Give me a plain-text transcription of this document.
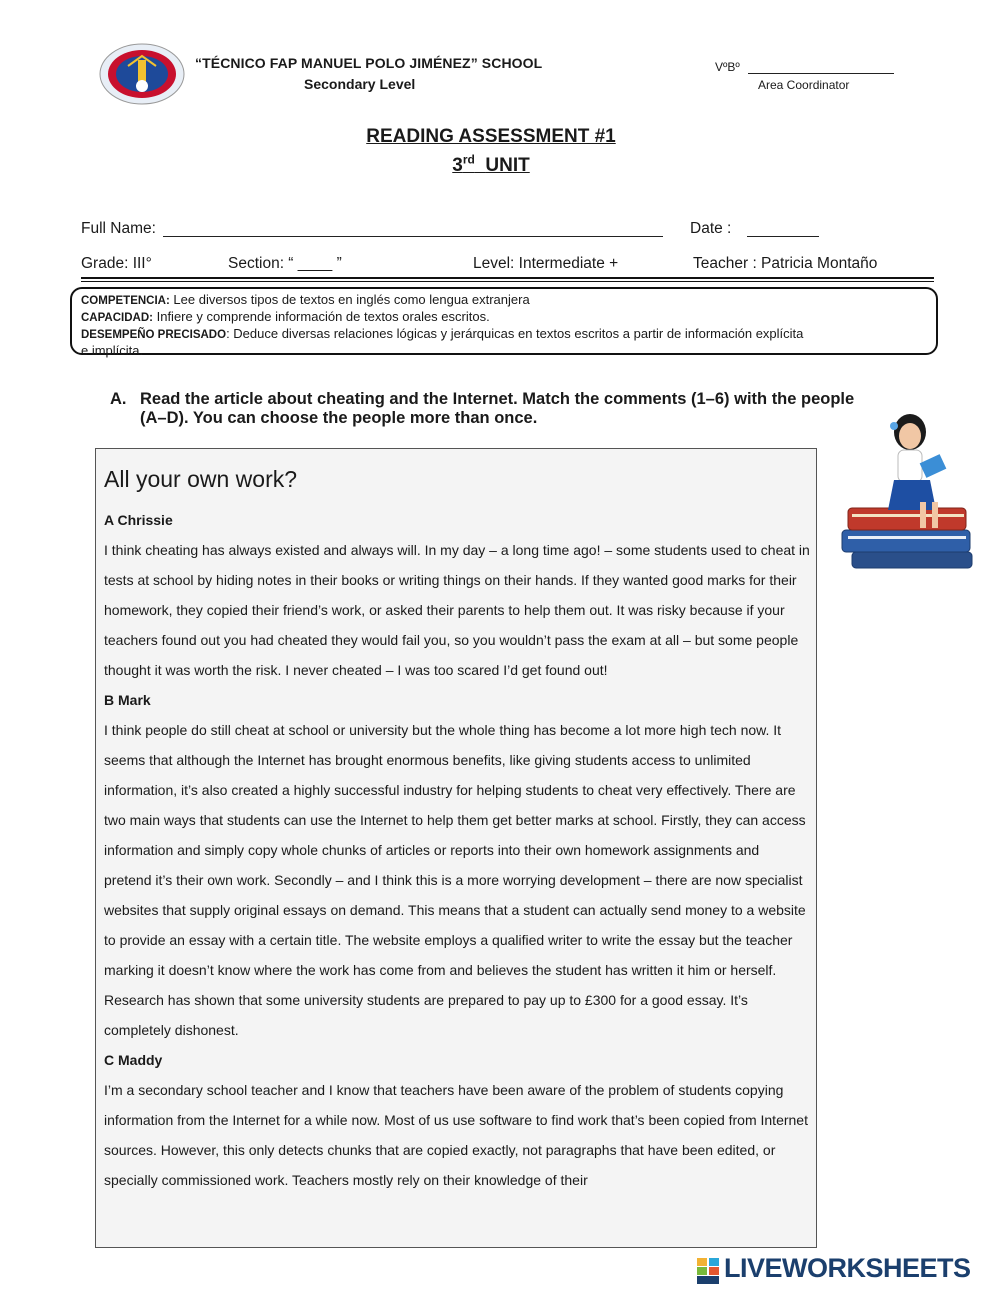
“TÉCNICO FAP MANUEL POLO JIMÉNEZ” SCHOOL
Secondary Level
VºBº
Area Coordinator
READING ASSESSMENT #1
3rd UNIT
Full Name:	Date :
Grade: III°	Section: “ ____ ”	Level: Intermediate +	Teacher : Patricia Montaño
COMPETENCIA: Lee diversos tipos de textos en inglés como lengua extranjera
CAPACIDAD: Infiere y comprende información de textos orales escritos.
DESEMPEÑO PRECISADO: Deduce diversas relaciones lógicas y jerárquicas en textos escritos a partir de información explícita
e implícita.
A. Read the article about cheating and the Internet. Match the comments (1–6) with the people (A–D). You can choose the people more than once.
All your own work?

A Chrissie

I think cheating has always existed and always will. In my day – a long time ago! – some students used to cheat in tests at school by hiding notes in their books or writing things on their hands. If they wanted good marks for their homework, they copied their friend’s work, or asked their parents to help them out. It was risky because if your teachers found out you had cheated they would fail you, so you wouldn’t pass the exam at all – but some people thought it was worth the risk. I never cheated – I was too scared I’d get found out!

B Mark

I think people do still cheat at school or university but the whole thing has become a lot more high tech now. It seems that although the Internet has brought enormous benefits, like giving students access to unlimited information, it’s also created a highly successful industry for helping students to cheat very effectively. There are two main ways that students can use the Internet to help them get better marks at school. Firstly, they can access information and simply copy whole chunks of articles or reports into their own homework assignments and pretend it’s their own work. Secondly – and I think this is a more worrying development – there are now specialist websites that supply original essays on demand. This means that a student can actually send money to a website to provide an essay with a certain title. The website employs a qualified writer to write the essay but the teacher marking it doesn’t know where the work has come from and believes the student has written it him or herself. Research has shown that some university students are prepared to pay up to £300 for a good essay. It’s completely dishonest.

C Maddy

I’m a secondary school teacher and I know that teachers have been aware of the problem of students copying information from the Internet for a while now. Most of us use software to find work that’s been copied from Internet sources. However, this only detects chunks that are copied exactly, not paragraphs that have been edited, or specially commissioned work. Teachers mostly rely on their knowledge of their

LIVEWORKSHEETS
